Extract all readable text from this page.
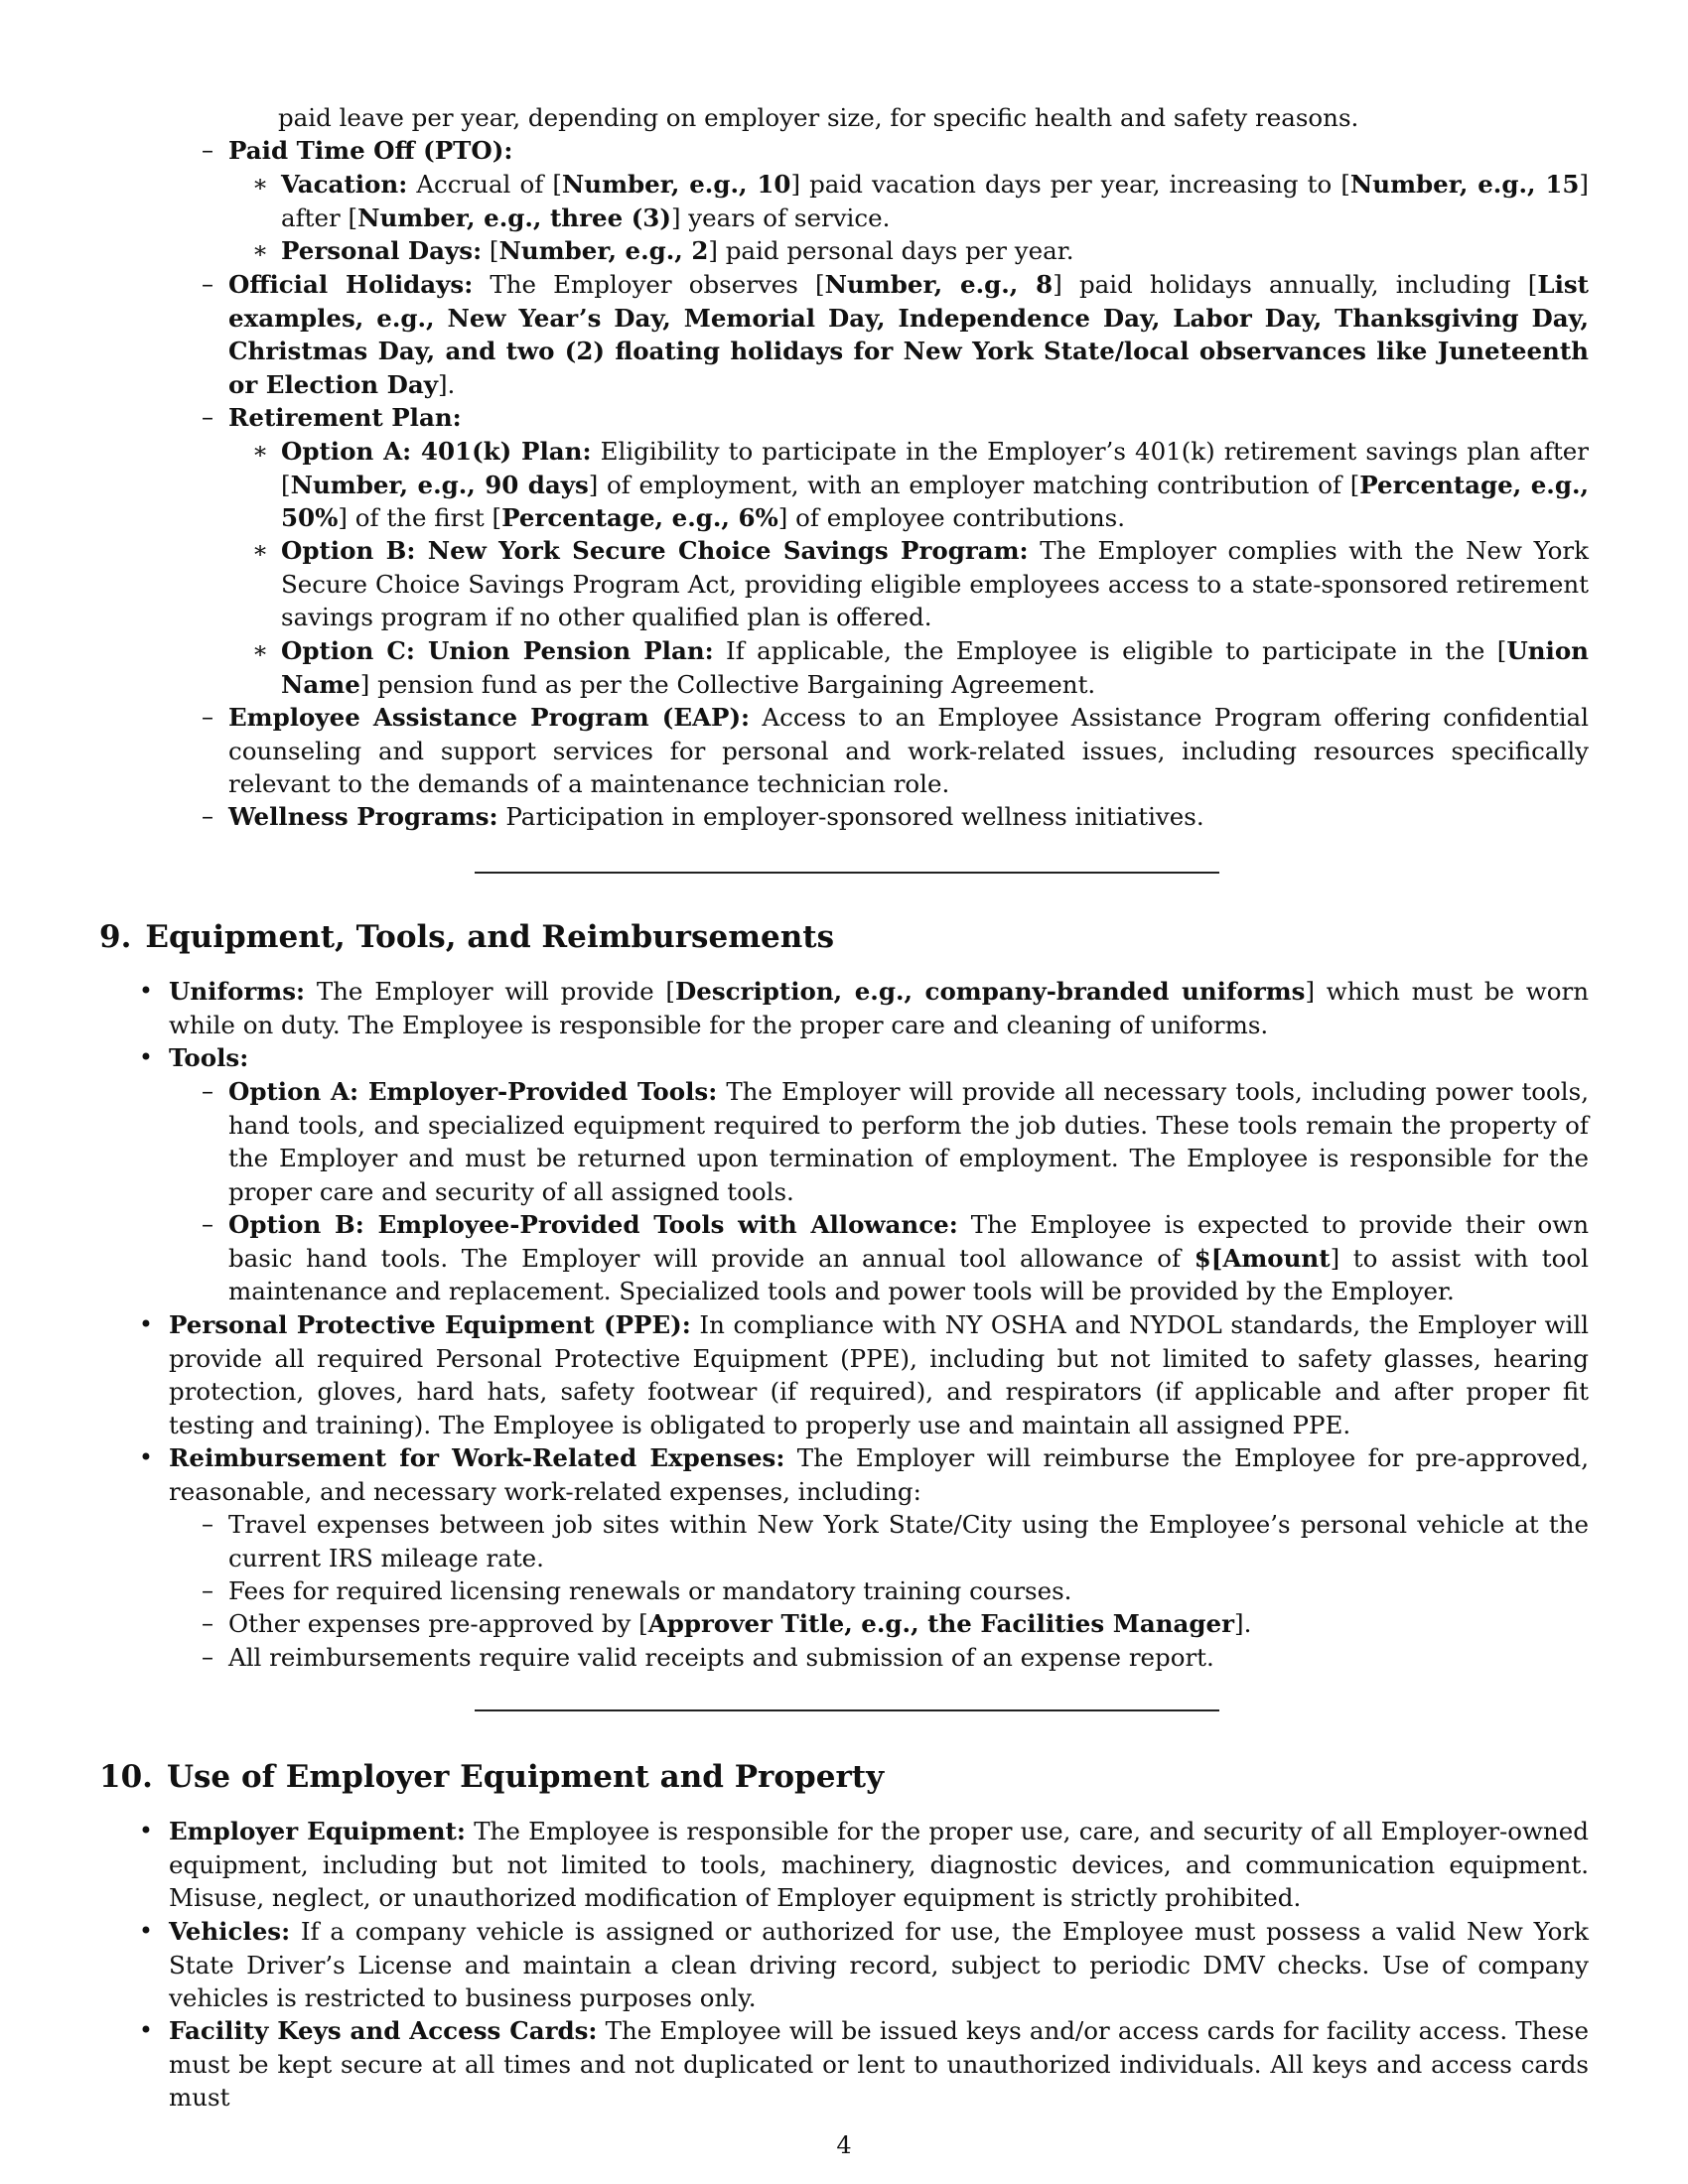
paid leave per year, depending on employer size, for specific health and safety reasons.
– Paid Time Off (PTO):
∗ Vacation: Accrual of [Number, e.g., 10] paid vacation days per year, increasing to [Number, e.g., 15] after [Number, e.g., three (3)] years of service.
∗ Personal Days: [Number, e.g., 2] paid personal days per year.
– Official Holidays: The Employer observes [Number, e.g., 8] paid holidays annually, including [List examples, e.g., New Year’s Day, Memorial Day, Independence Day, Labor Day, Thanksgiving Day, Christmas Day, and two (2) floating holidays for New York State/local observances like Juneteenth or Election Day].
– Retirement Plan:
∗ Option A: 401(k) Plan: Eligibility to participate in the Employer’s 401(k) retirement savings plan after [Number, e.g., 90 days] of employment, with an employer matching contribution of [Percentage, e.g., 50%] of the first [Percentage, e.g., 6%] of employee contributions.
∗ Option B: New York Secure Choice Savings Program: The Employer complies with the New York Secure Choice Savings Program Act, providing eligible employees access to a state-sponsored retirement savings program if no other qualified plan is offered.
∗ Option C: Union Pension Plan: If applicable, the Employee is eligible to participate in the [Union Name] pension fund as per the Collective Bargaining Agreement.
– Employee Assistance Program (EAP): Access to an Employee Assistance Program offering confidential counseling and support services for personal and work-related issues, including resources specifically relevant to the demands of a maintenance technician role.
– Wellness Programs: Participation in employer-sponsored wellness initiatives.
9. Equipment, Tools, and Reimbursements
• Uniforms: The Employer will provide [Description, e.g., company-branded uniforms] which must be worn while on duty. The Employee is responsible for the proper care and cleaning of uniforms.
• Tools:
– Option A: Employer-Provided Tools: The Employer will provide all necessary tools, including power tools, hand tools, and specialized equipment required to perform the job duties. These tools remain the property of the Employer and must be returned upon termination of employment. The Employee is responsible for the proper care and security of all assigned tools.
– Option B: Employee-Provided Tools with Allowance: The Employee is expected to provide their own basic hand tools. The Employer will provide an annual tool allowance of $[Amount] to assist with tool maintenance and replacement. Specialized tools and power tools will be provided by the Employer.
• Personal Protective Equipment (PPE): In compliance with NY OSHA and NYDOL standards, the Employer will provide all required Personal Protective Equipment (PPE), including but not limited to safety glasses, hearing protection, gloves, hard hats, safety footwear (if required), and respirators (if applicable and after proper fit testing and training). The Employee is obligated to properly use and maintain all assigned PPE.
• Reimbursement for Work-Related Expenses: The Employer will reimburse the Employee for pre-approved, reasonable, and necessary work-related expenses, including:
– Travel expenses between job sites within New York State/City using the Employee’s personal vehicle at the current IRS mileage rate.
– Fees for required licensing renewals or mandatory training courses.
– Other expenses pre-approved by [Approver Title, e.g., the Facilities Manager].
– All reimbursements require valid receipts and submission of an expense report.
10. Use of Employer Equipment and Property
• Employer Equipment: The Employee is responsible for the proper use, care, and security of all Employer-owned equipment, including but not limited to tools, machinery, diagnostic devices, and communication equipment. Misuse, neglect, or unauthorized modification of Employer equipment is strictly prohibited.
• Vehicles: If a company vehicle is assigned or authorized for use, the Employee must possess a valid New York State Driver’s License and maintain a clean driving record, subject to periodic DMV checks. Use of company vehicles is restricted to business purposes only.
• Facility Keys and Access Cards: The Employee will be issued keys and/or access cards for facility access. These must be kept secure at all times and not duplicated or lent to unauthorized individuals. All keys and access cards must
4
